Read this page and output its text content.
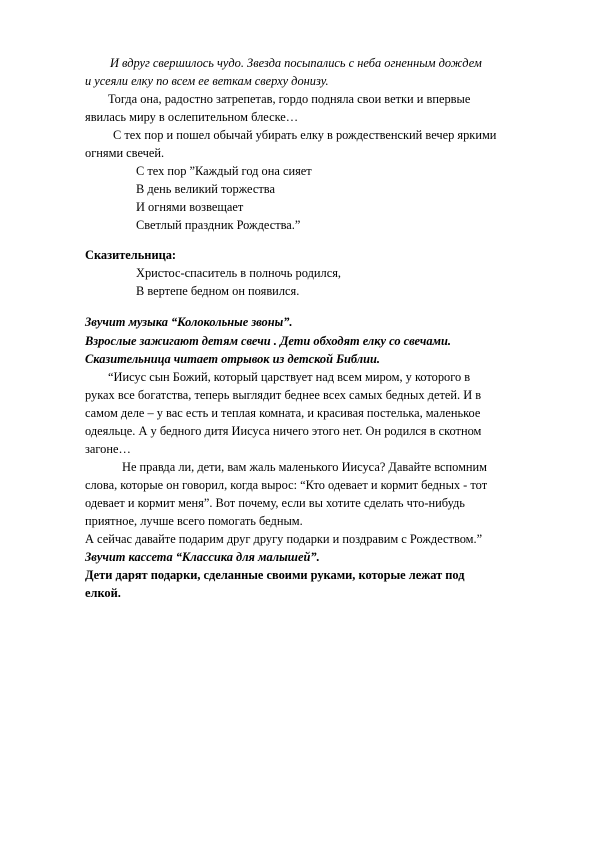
И вдруг свершилось чудо. Звезда посыпались с неба огненным дождем
и усеяли елку по всем ее веткам сверху донизу.
Тогда она, радостно затрепетав, гордо подняла свои ветки и впервые
явилась миру в ослепительном блеске…
С тех пор и пошел обычай убирать елку в рождественский вечер яркими
огнями свечей.
С тех пор ”Каждый год она сияет
В день великий торжества
И огнями возвещает
Светлый праздник Рождества.”
Сказительница:
Христос-спаситель в полночь родился,
В вертепе бедном он появился.
Звучит музыка “Колокольные звоны”.
Взрослые зажигают детям свечи . Дети обходят елку со свечами.
Сказительница читает отрывок из детской Библии.
“Иисус сын Божий, который царствует над всем миром, у которого в
руках все богатства, теперь выглядит беднее всех самых бедных детей. И в
самом деле – у вас есть и теплая комната, и красивая постелька, маленькое
одеяльце. А у бедного дитя Иисуса ничего этого нет. Он родился в скотном
загоне…
Не правда ли, дети, вам жаль маленького Иисуса? Давайте вспомним
слова, которые он говорил, когда вырос: “Кто одевает и кормит бедных - тот
одевает и кормит меня”. Вот почему, если вы хотите сделать что-нибудь
приятное, лучше всего помогать бедным.
А сейчас давайте подарим друг другу подарки и поздравим с Рождеством.”
Звучит кассета “Классика для малышей”.
Дети дарят подарки, сделанные своими руками, которые лежат под
елкой.
